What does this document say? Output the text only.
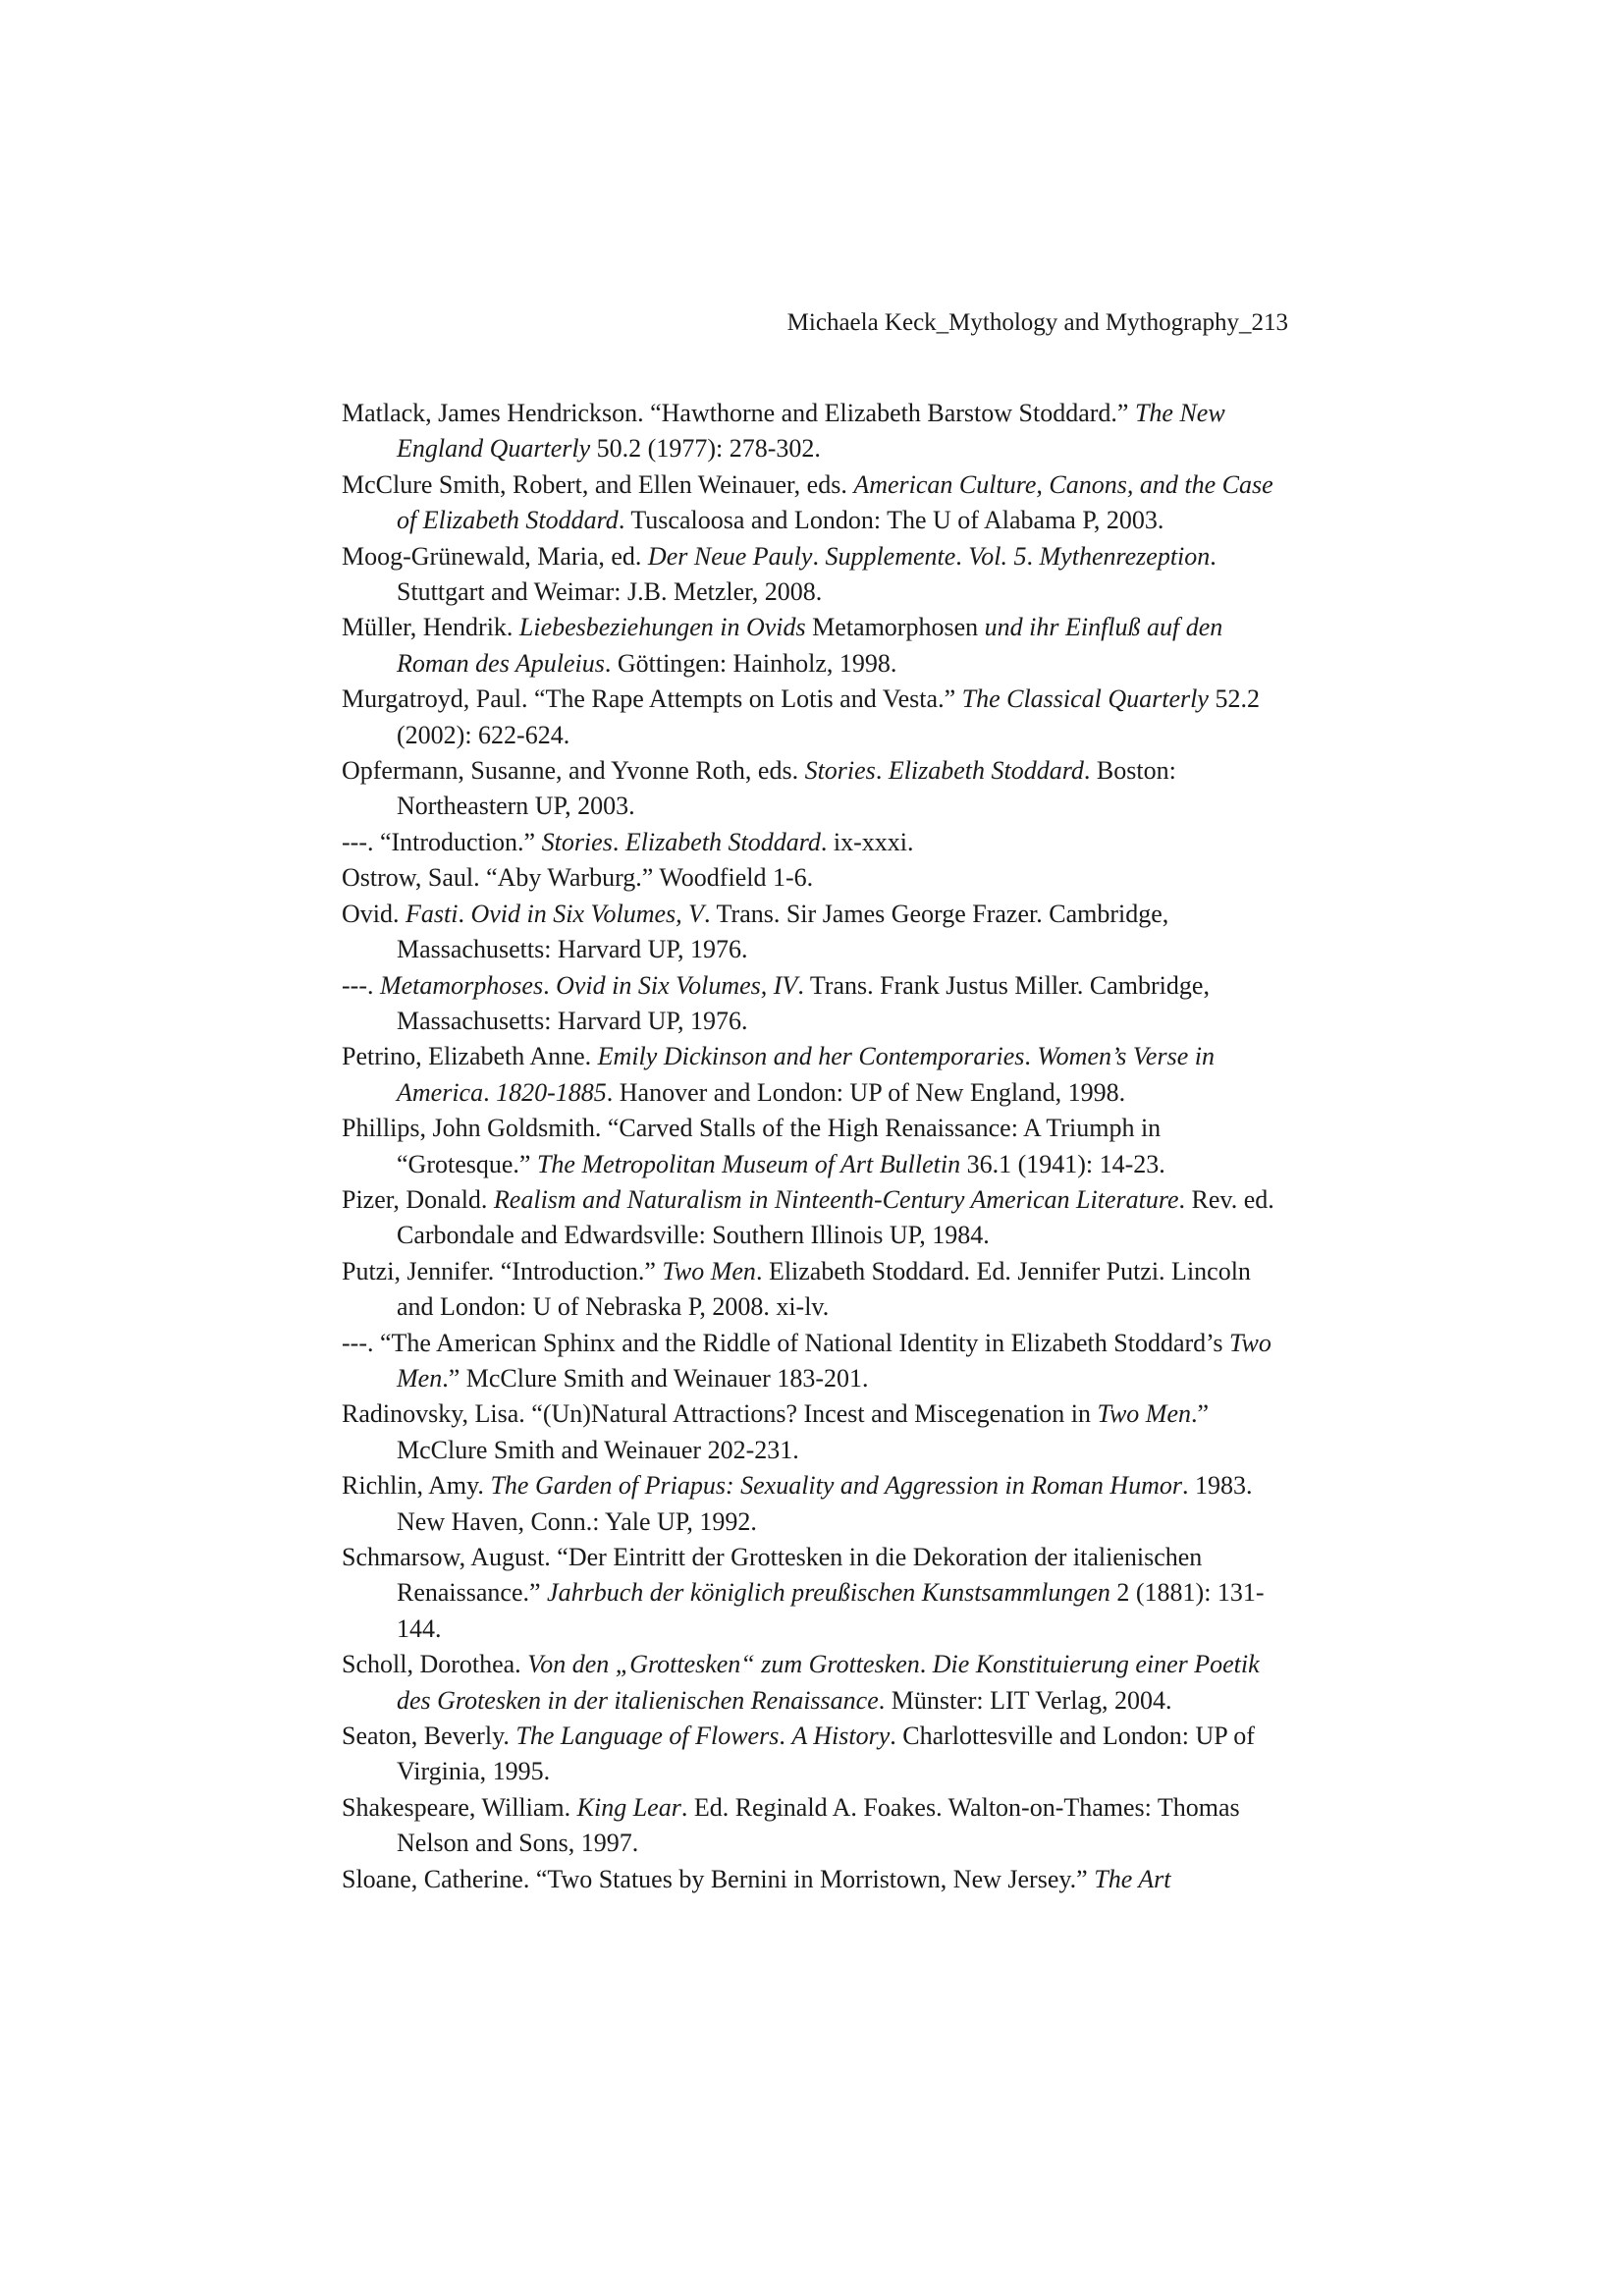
Michaela Keck_Mythology and Mythography_213

Matlack, James Hendrickson. “Hawthorne and Elizabeth Barstow Stoddard.” The New England Quarterly 50.2 (1977): 278-302.

McClure Smith, Robert, and Ellen Weinauer, eds. American Culture, Canons, and the Case of Elizabeth Stoddard. Tuscaloosa and London: The U of Alabama P, 2003.

Moog-Grünewald, Maria, ed. Der Neue Pauly. Supplemente. Vol. 5. Mythenrezeption. Stuttgart and Weimar: J.B. Metzler, 2008.

Müller, Hendrik. Liebesbeziehungen in Ovids Metamorphosen und ihr Einfluß auf den Roman des Apuleius. Göttingen: Hainholz, 1998.

Murgatroyd, Paul. “The Rape Attempts on Lotis and Vesta.” The Classical Quarterly 52.2 (2002): 622-624.

Opfermann, Susanne, and Yvonne Roth, eds. Stories. Elizabeth Stoddard. Boston: Northeastern UP, 2003.

---. “Introduction.” Stories. Elizabeth Stoddard. ix-xxxi.

Ostrow, Saul. “Aby Warburg.” Woodfield 1-6.

Ovid. Fasti. Ovid in Six Volumes, V. Trans. Sir James George Frazer. Cambridge, Massachusetts: Harvard UP, 1976.

---. Metamorphoses. Ovid in Six Volumes, IV. Trans. Frank Justus Miller. Cambridge, Massachusetts: Harvard UP, 1976.

Petrino, Elizabeth Anne. Emily Dickinson and her Contemporaries. Women’s Verse in America. 1820-1885. Hanover and London: UP of New England, 1998.

Phillips, John Goldsmith. “Carved Stalls of the High Renaissance: A Triumph in “Grotesque.” The Metropolitan Museum of Art Bulletin 36.1 (1941): 14-23.

Pizer, Donald. Realism and Naturalism in Ninteenth-Century American Literature. Rev. ed. Carbondale and Edwardsville: Southern Illinois UP, 1984.

Putzi, Jennifer. “Introduction.” Two Men. Elizabeth Stoddard. Ed. Jennifer Putzi. Lincoln and London: U of Nebraska P, 2008. xi-lv.

---. “The American Sphinx and the Riddle of National Identity in Elizabeth Stoddard’s Two Men.” McClure Smith and Weinauer 183-201.

Radinovsky, Lisa. “(Un)Natural Attractions? Incest and Miscegenation in Two Men.” McClure Smith and Weinauer 202-231.

Richlin, Amy. The Garden of Priapus: Sexuality and Aggression in Roman Humor. 1983. New Haven, Conn.: Yale UP, 1992.

Schmarsow, August. “Der Eintritt der Grottesken in die Dekoration der italienischen Renaissance.” Jahrbuch der königlich preußischen Kunstsammlungen 2 (1881): 131-144.

Scholl, Dorothea. Von den „Grottesken“ zum Grottesken. Die Konstituierung einer Poetik des Grotesken in der italienischen Renaissance. Münster: LIT Verlag, 2004.

Seaton, Beverly. The Language of Flowers. A History. Charlottesville and London: UP of Virginia, 1995.

Shakespeare, William. King Lear. Ed. Reginald A. Foakes. Walton-on-Thames: Thomas Nelson and Sons, 1997.

Sloane, Catherine. “Two Statues by Bernini in Morristown, New Jersey.” The Art
